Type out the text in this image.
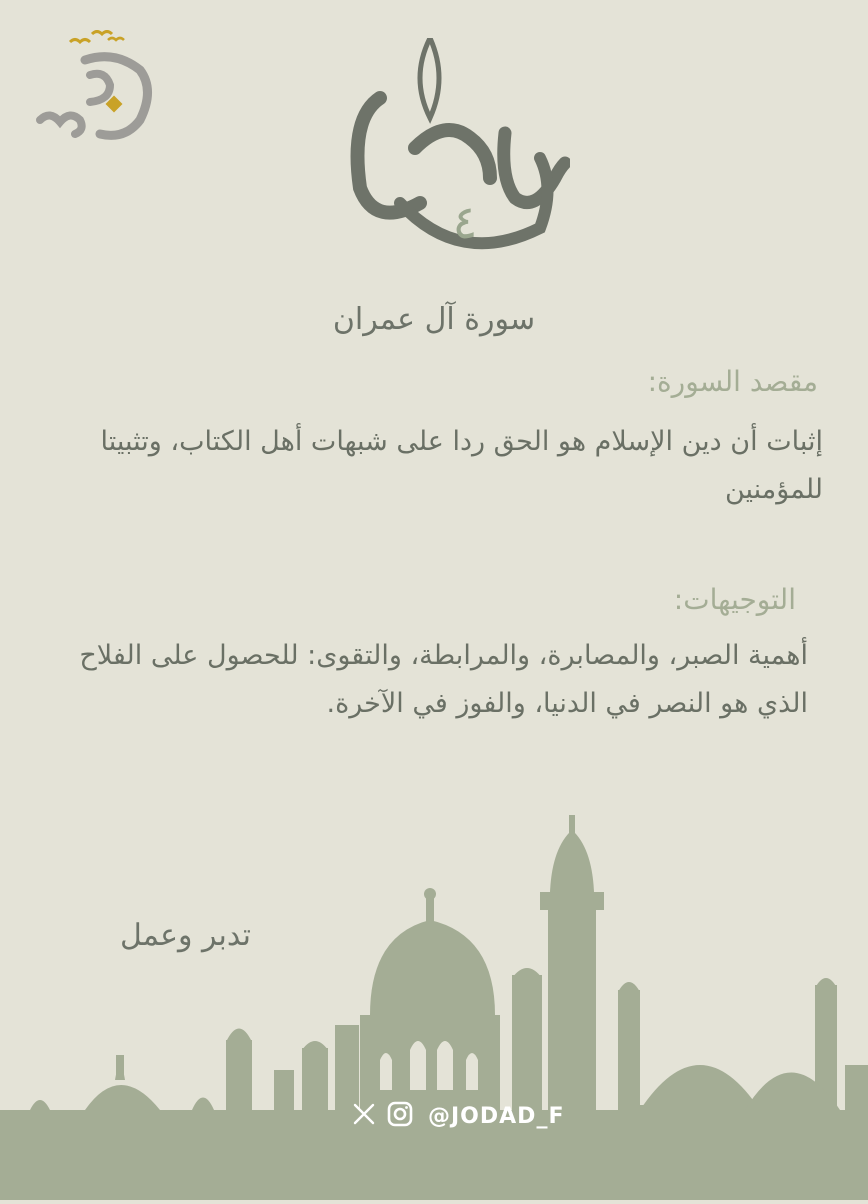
٤
سورة آل عمران
مقصد السورة:
إثبات أن دين الإسلام هو الحق ردا على شبهات أهل الكتاب، وتثبيتا للمؤمنين
التوجيهات:
أهمية الصبر، والمصابرة، والمرابطة، والتقوى: للحصول على الفلاح الذي هو النصر في الدنيا، والفوز في الآخرة.
تدبر وعمل
@JODAD_F
